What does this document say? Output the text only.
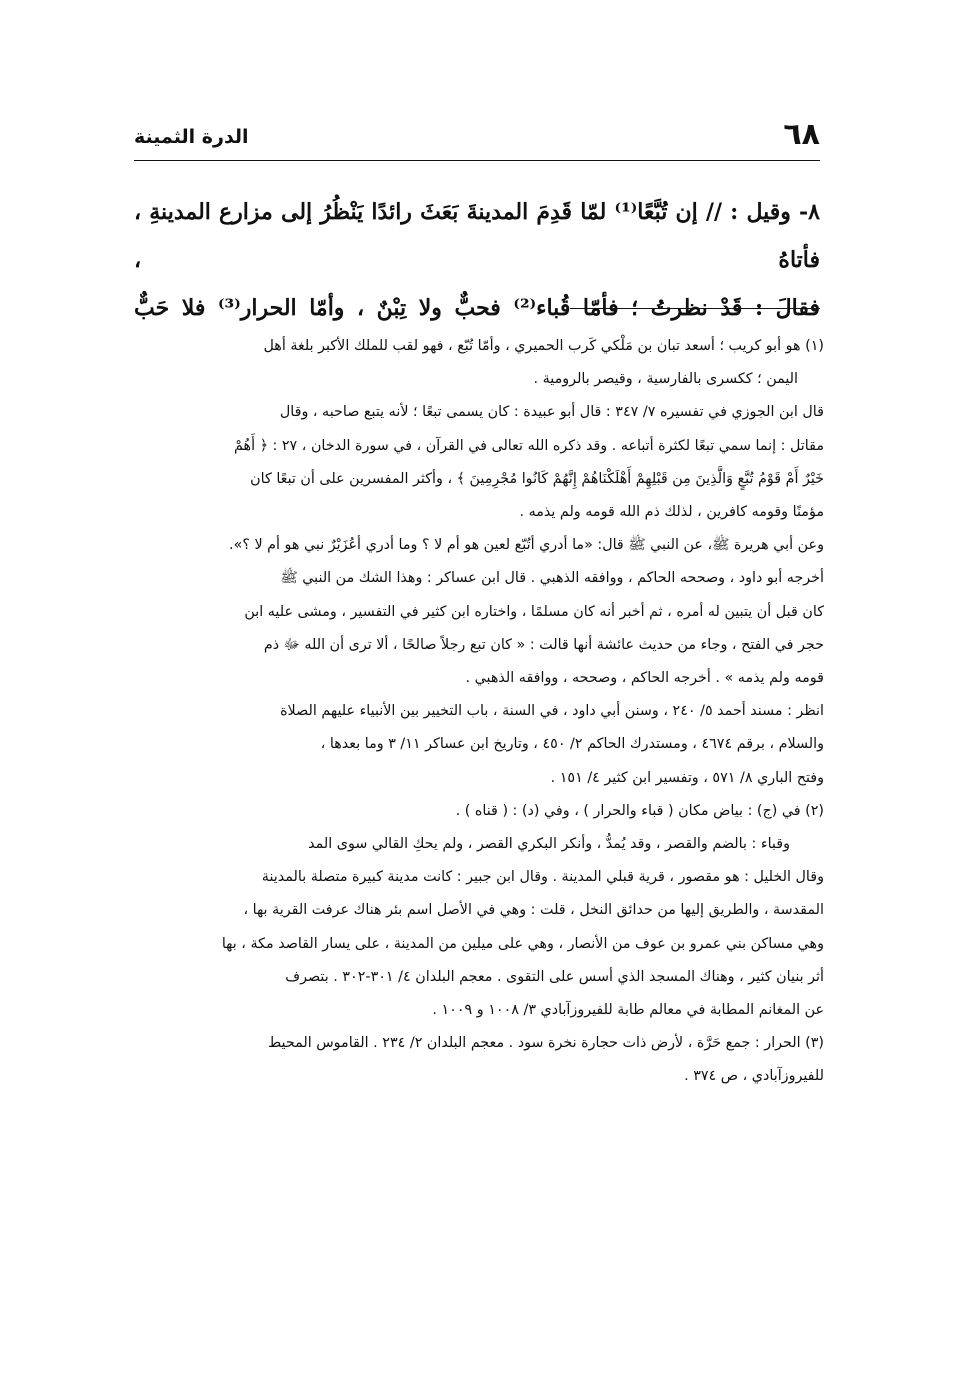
٦٨
الدرة الثمينة

٨- وقيل : // إن تُبَّعًا⁽¹⁾ لمّا قَدِمَ المدينةَ بَعَثَ رائدًا يَنْظُرُ إلى مزارع المدينةِ ، فأتاهُ ،

فقالَ : قَدْ نظرتُ ؛ فأمّا قُباء⁽²⁾ فحبٌّ ولا تِبْنٌ ، وأمّا الحرار⁽³⁾ فلا حَبٌّ

(١) هو أبو كريب ؛ أسعد تبان بن مَلْكي كَرب الحميري ، وأمّا تُبّع ، فهو لقب للملك الأكبر بلغة أهل
اليمن ؛ ككسرى بالفارسية ، وقيصر بالرومية .
قال ابن الجوزي في تفسيره ٧/ ٣٤٧ : قال أبو عبيدة : كان يسمى تبعًا ؛ لأنه يتبع صاحبه ، وقال
مقاتل : إنما سمي تبعًا لكثرة أتباعه . وقد ذكره الله تعالى في القرآن ، في سورة الدخان ، ٢٧ : ﴿ أَهُمْ
خَيْرٌ أَمْ قَوْمُ تُبَّعٍ وَالَّذِينَ مِن قَبْلِهِمْ أَهْلَكْنَاهُمْ إِنَّهُمْ كَانُوا مُجْرِمِينَ ﴾ ، وأكثر المفسرين على أن تبعًا كان
مؤمنًا وقومه كافرين ، لذلك ذم الله قومه ولم يذمه .
وعن أبي هريرة ﷺ، عن النبي ﷺ قال: «ما أدري أتُبّع لعين هو أم لا ؟ وما أدري أعُزَيْرٌ نبي هو أم لا ؟».
أخرجه أبو داود ، وصححه الحاكم ، ووافقه الذهبي . قال ابن عساكر : وهذا الشك من النبي ﷺ
كان قبل أن يتبين له أمره ، ثم أخبر أنه كان مسلمًا ، واختاره ابن كثير في التفسير ، ومشى عليه ابن
حجر في الفتح ، وجاء من حديث عائشة أنها قالت : « كان تبع رجلاً صالحًا ، ألا ترى أن الله ﷻ ذم
قومه ولم يذمه » . أخرجه الحاكم ، وصححه ، ووافقه الذهبي .
انظر : مسند أحمد ٥/ ٢٤٠ ، وسنن أبي داود ، في السنة ، باب التخيير بين الأنبياء عليهم الصلاة
والسلام ، برقم ٤٦٧٤ ، ومستدرك الحاكم ٢/ ٤٥٠ ، وتاريخ ابن عساكر ١١/ ٣ وما بعدها ،
وفتح الباري ٨/ ٥٧١ ، وتفسير ابن كثير ٤/ ١٥١ .
(٢) في (ج) : بياض مكان ( قباء والحرار ) ، وفي (د) : ( قناه ) .
وقباء : بالضم والقصر ، وقد يُمدُّ ، وأنكر البكري القصر ، ولم يحكِ القالي سوى المد
وقال الخليل : هو مقصور ، قرية قبلي المدينة . وقال ابن جبير : كانت مدينة كبيرة متصلة بالمدينة
المقدسة ، والطريق إليها من حدائق النخل ، قلت : وهي في الأصل اسم بئر هناك عرفت القرية بها ،
وهي مساكن بني عمرو بن عوف من الأنصار ، وهي على ميلين من المدينة ، على يسار القاصد مكة ، بها
أثر بنيان كثير ، وهناك المسجد الذي أسس على التقوى . معجم البلدان ٤/ ٣٠١-٣٠٢ . بتصرف
عن المغانم المطابة في معالم طابة للفيروزآبادي ٣/ ١٠٠٨ و ١٠٠٩ .
(٣) الحرار : جمع حَرَّة ، لأرض ذات حجارة نخرة سود . معجم البلدان ٢/ ٢٣٤ . القاموس المحيط
للفيروزآبادي ، ص ٣٧٤ .
